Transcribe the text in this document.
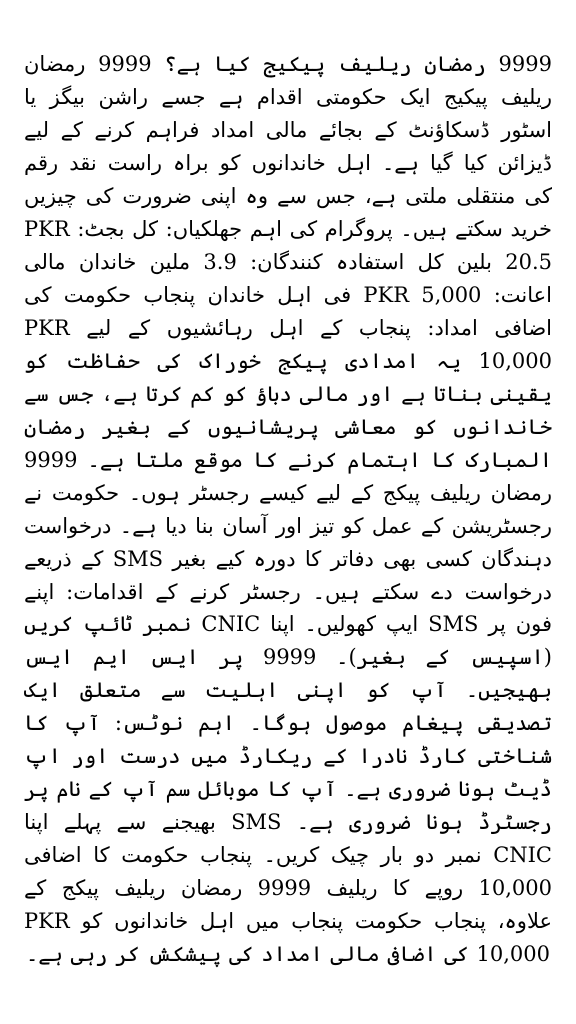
9999 رمضان ریلیف پیکیج کیا ہے؟ 9999 رمضان ریلیف پیکیج ایک حکومتی اقدام ہے جسے راشن بیگز یا اسٹور ڈسکاؤنٹ کے بجائے مالی امداد فراہم کرنے کے لیے ڈیزائن کیا گیا ہے۔ اہل خاندانوں کو براہ راست نقد رقم کی منتقلی ملتی ہے، جس سے وہ اپنی ضرورت کی چیزیں خرید سکتے ہیں۔ پروگرام کی اہم جھلکیاں: کل بجٹ: PKR 20.5 بلین کل استفادہ کنندگان: 3.9 ملین خاندان مالی اعانت: PKR 5,000 فی اہل خاندان پنجاب حکومت کی اضافی امداد: پنجاب کے اہل رہائشیوں کے لیے PKR 10,000 یہ امدادی پیکج خوراک کی حفاظت کو یقینی بناتا ہے اور مالی دباؤ کو کم کرتا ہے، جس سے خاندانوں کو معاشی پریشانیوں کے بغیر رمضان المبارک کا اہتمام کرنے کا موقع ملتا ہے۔ 9999 رمضان ریلیف پیکج کے لیے کیسے رجسٹر ہوں۔ حکومت نے رجسٹریشن کے عمل کو تیز اور آسان بنا دیا ہے۔ درخواست دہندگان کسی بھی دفاتر کا دورہ کیے بغیر SMS کے ذریعے درخواست دے سکتے ہیں۔ رجسٹر کرنے کے اقدامات: اپنے فون پر SMS ایپ کھولیں۔ اپنا CNIC نمبر ٹائپ کریں (اسپیس کے بغیر)۔ 9999 پر ایس ایم ایس بھیجیں۔ آپ کو اپنی اہلیت سے متعلق ایک تصدیقی پیغام موصول ہوگا۔ اہم نوٹس: آپ کا شناختی کارڈ نادرا کے ریکارڈ میں درست اور اپ ڈیٹ ہونا ضروری ہے۔ آپ کا موبائل سم آپ کے نام پر رجسٹرڈ ہونا ضروری ہے۔ SMS بھیجنے سے پہلے اپنا CNIC نمبر دو بار چیک کریں۔ پنجاب حکومت کا اضافی 10,000 روپے کا ریلیف 9999 رمضان ریلیف پیکج کے علاوہ، پنجاب حکومت پنجاب میں اہل خاندانوں کو PKR 10,000 کی اضافی مالی امداد کی پیشکش کر رہی ہے۔
